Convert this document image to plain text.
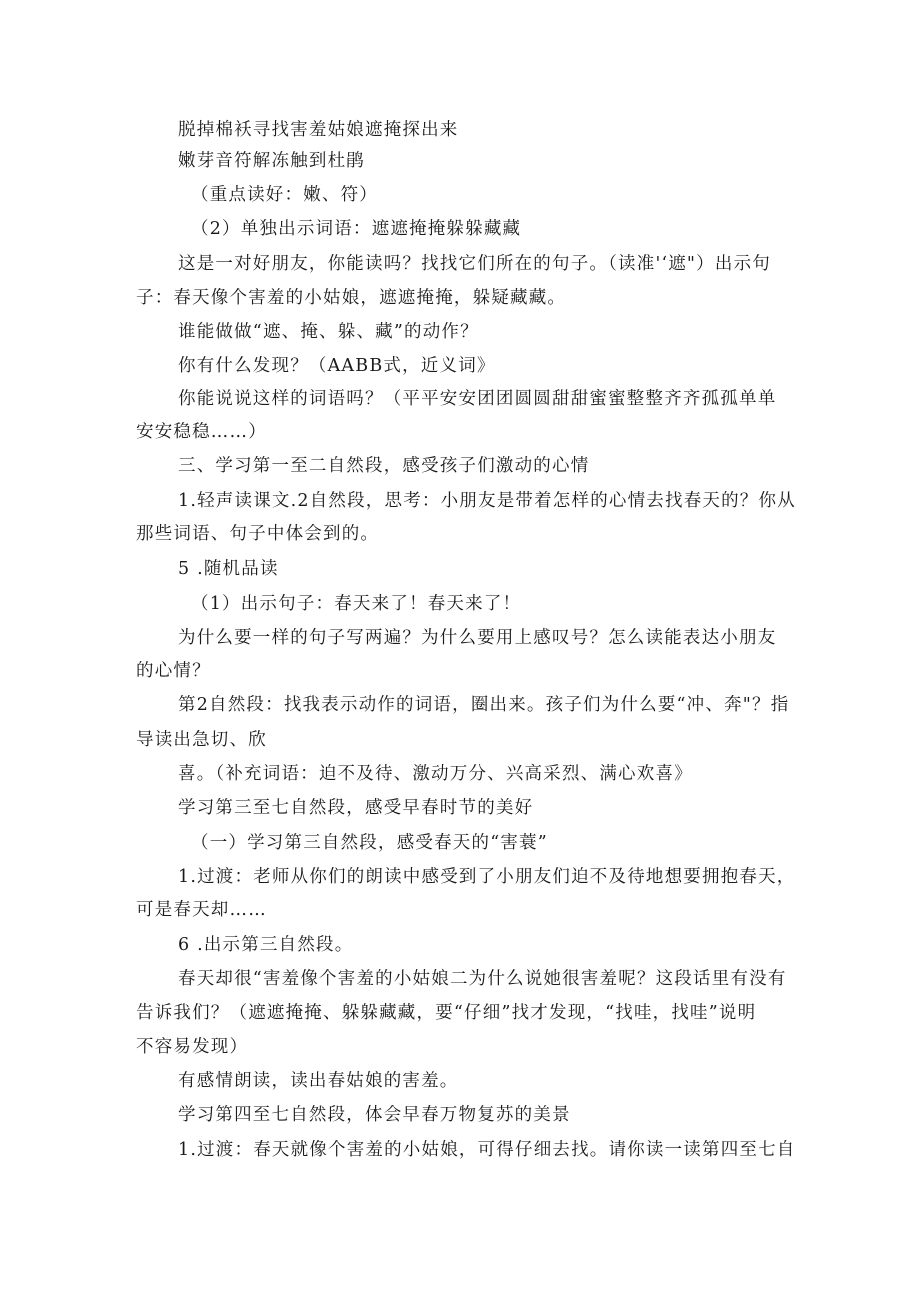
脱掉棉袄寻找害羞姑娘遮掩探出来
嫩芽音符解冻触到杜鹃
（重点读好：嫩、符）
（2）单独出示词语：遮遮掩掩躲躲藏藏
这是一对好朋友，你能读吗？找找它们所在的句子。（读准'‘遮"）出示句
子：春天像个害羞的小姑娘，遮遮掩掩，躲疑藏藏。
谁能做做“遮、掩、躲、藏”的动作？
你有什么发现？（AABB式，近义词》
你能说说这样的词语吗？（平平安安团团圆圆甜甜蜜蜜整整齐齐孤孤单单
安安稳稳……）
三、学习第一至二自然段，感受孩子们激动的心情
1.轻声读课文.2自然段，思考：小朋友是带着怎样的心情去找春天的？你从
那些词语、句子中体会到的。
5 .随机品读
（1）出示句子：春天来了！春天来了！
为什么要一样的句子写两遍？为什么要用上感叹号？怎么读能表达小朋友
的心情？
第2自然段：找我表示动作的词语，圈出来。孩子们为什么要“冲、奔"？指
导读出急切、欣
喜。（补充词语：迫不及待、激动万分、兴高采烈、满心欢喜》
学习第三至七自然段，感受早春时节的美好
（一）学习第三自然段，感受春天的“害蓑”
1.过渡：老师从你们的朗读中感受到了小朋友们迫不及待地想要拥抱春天，
可是春天却……
6 .出示第三自然段。
春天却很“害羞像个害羞的小姑娘二为什么说她很害羞呢？这段话里有没有
告诉我们？（遮遮掩掩、躲躲藏藏，要“仔细”找才发现，“找哇，找哇”说明
不容易发现）
有感情朗读，读出春姑娘的害羞。
学习第四至七自然段，体会早春万物复苏的美景
1.过渡：春天就像个害羞的小姑娘，可得仔细去找。请你读一读第四至七自
